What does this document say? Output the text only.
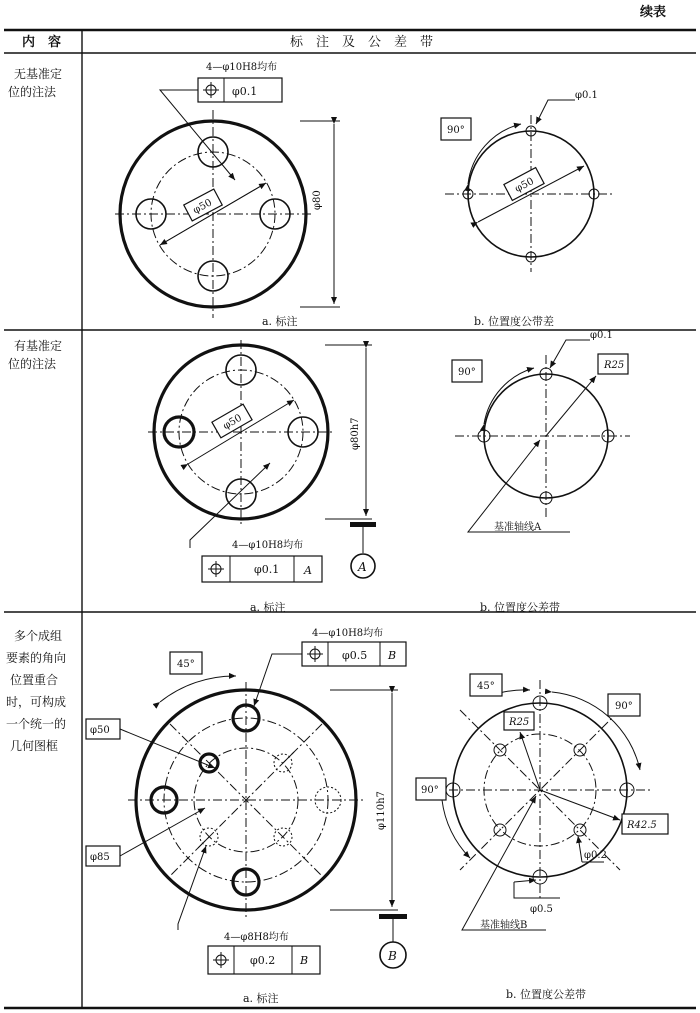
续表
内　容	标　注　及　公　差　带
无基准定
位的注法
有基准定
位的注法
多个成组
要素的角向
位置重合
时，可构成
一个统一的
几何图框
φ50	φ80
4—φ10H8均布
φ0.1
a. 标注
φ50
90°
φ0.1
b. 位置度公带差
φ50	φ80h7
A
4—φ10H8均布
φ0.1 A
a. 标注
90°
R25
φ0.1
基准轴线A
b. 位置度公差带
45°
φ50
φ85
φ110h7
B
4—φ10H8均布
φ0.5 B
4—φ8H8均布
φ0.2 B
a. 标注
45°
90°
90°
R25
R42.5
φ0.2
φ0.5
基准轴线B
b. 位置度公差带
